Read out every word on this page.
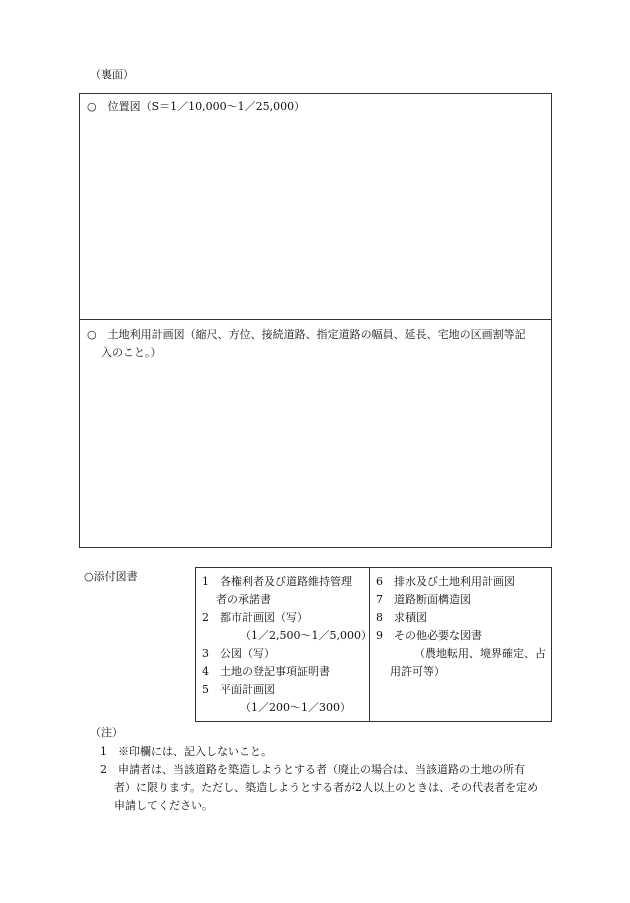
（裏面）
○　位置図（S＝1／10,000〜1／25,000）
○　土地利用計画図（縮尺、方位、接続道路、指定道路の幅員、延長、宅地の区画割等記
入のこと。）
○添付図書	1　各権利者及び道路維持管理
者の承諾書
2　都市計画図（写）
（1／2,500〜1／5,000）
3　公図（写）
4　土地の登記事項証明書
5　平面計画図
（1／200〜1／300）
6　排水及び土地利用計画図
7　道路断面構造図
8　求積図
9　その他必要な図書
（農地転用、境界確定、占
用許可等）
（注）
1　※印欄には、記入しないこと。
2　申請者は、当該道路を築造しようとする者（廃止の場合は、当該道路の土地の所有
者）に限ります。ただし、築造しようとする者が2人以上のときは、その代表者を定め
申請してください。
